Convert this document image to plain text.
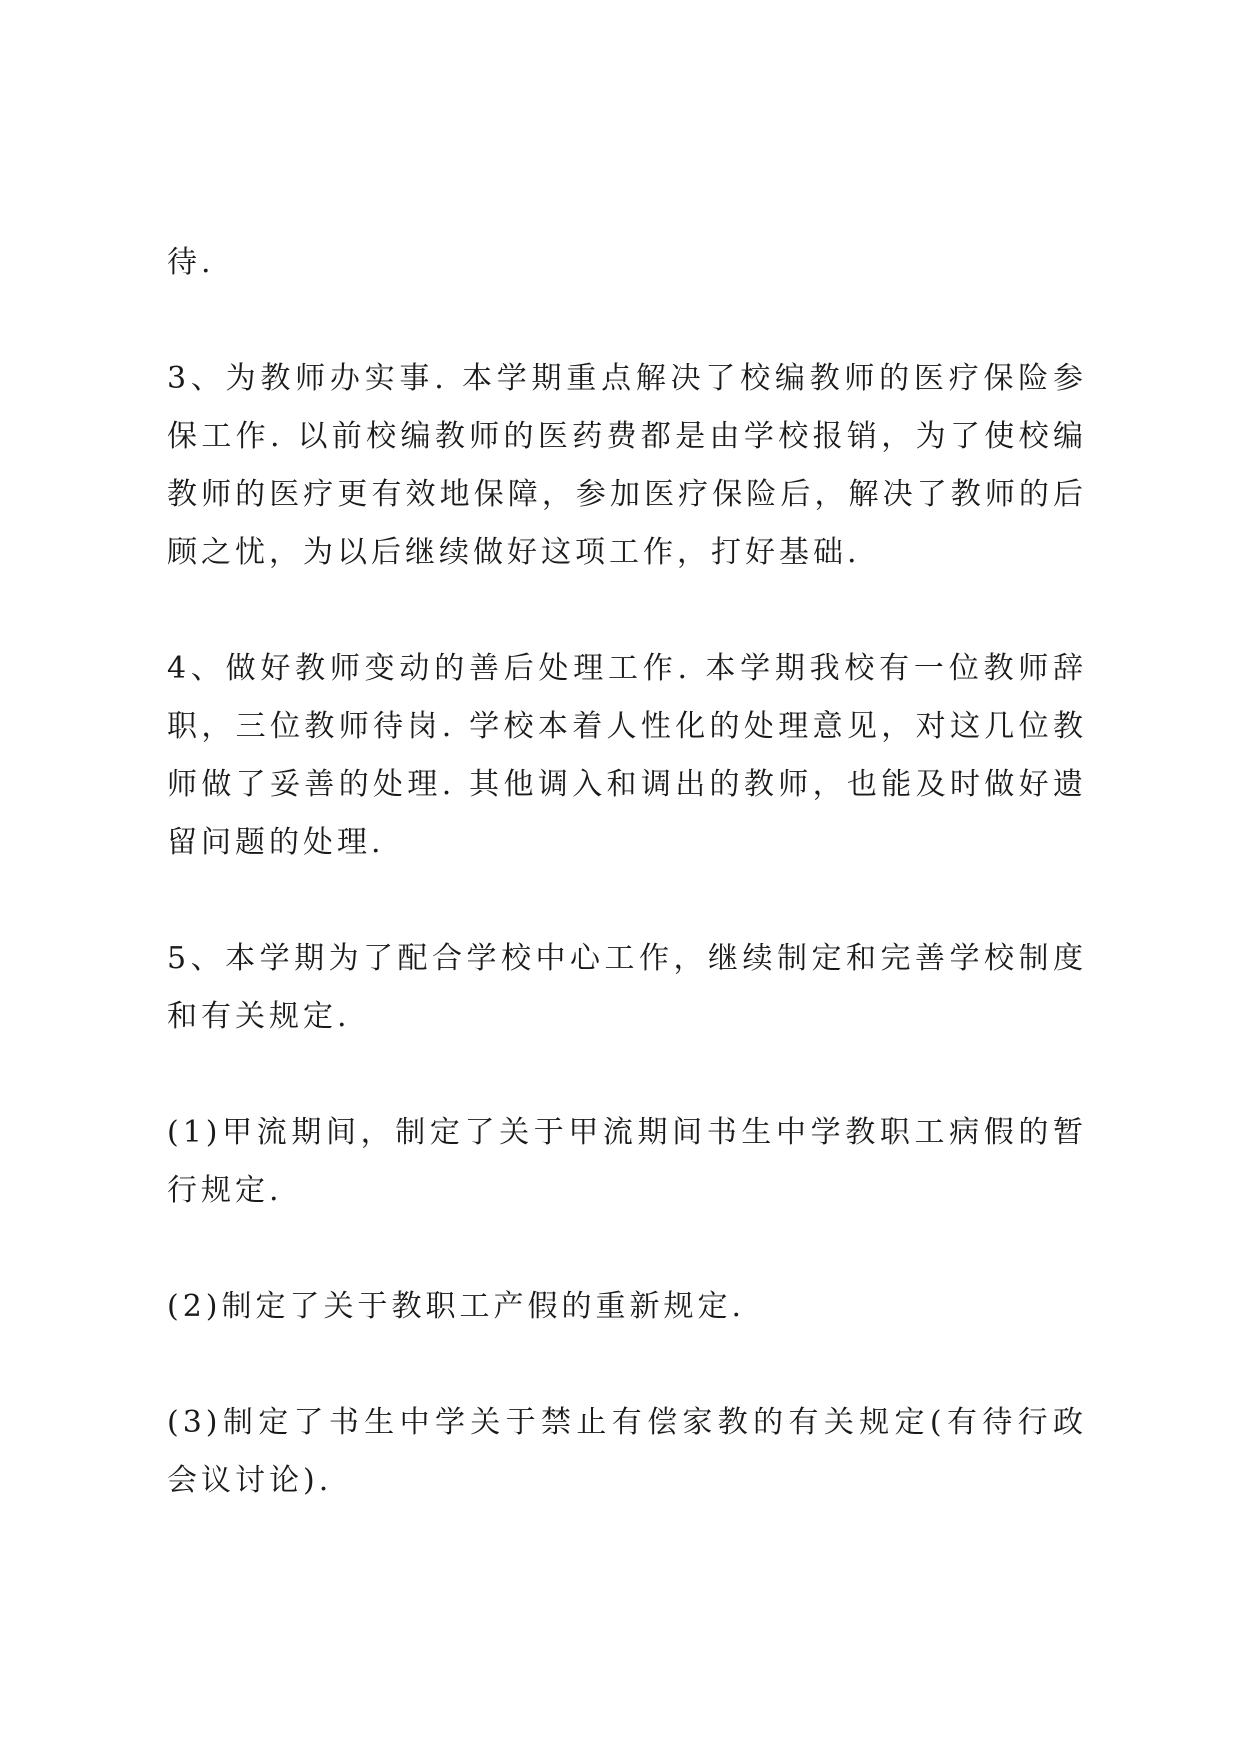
待.

3、为教师办实事. 本学期重点解决了校编教师的医疗保险参保工作. 以前校编教师的医药费都是由学校报销，为了使校编教师的医疗更有效地保障，参加医疗保险后，解决了教师的后顾之忧，为以后继续做好这项工作，打好基础.

4、做好教师变动的善后处理工作. 本学期我校有一位教师辞职，三位教师待岗. 学校本着人性化的处理意见，对这几位教师做了妥善的处理. 其他调入和调出的教师，也能及时做好遗留问题的处理.

5、本学期为了配合学校中心工作，继续制定和完善学校制度和有关规定.

(1)甲流期间，制定了关于甲流期间书生中学教职工病假的暂行规定.

(2)制定了关于教职工产假的重新规定.

(3)制定了书生中学关于禁止有偿家教的有关规定(有待行政会议讨论).
